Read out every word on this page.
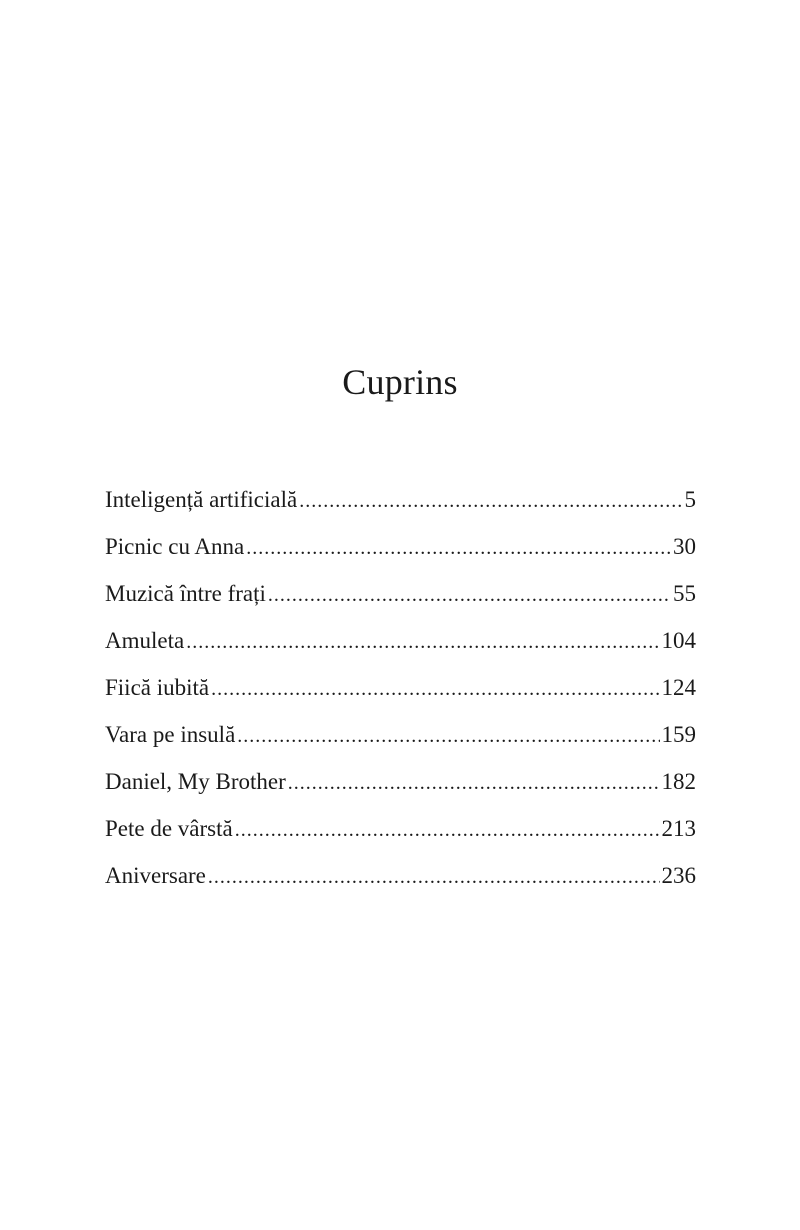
Cuprins
Inteligență artificială .....	5
Picnic cu Anna .....	30
Muzică între frați .....	55
Amuleta .....	104
Fiică iubită .....	124
Vara pe insulă .....	159
Daniel, My Brother .....	182
Pete de vârstă .....	213
Aniversare .....	236
